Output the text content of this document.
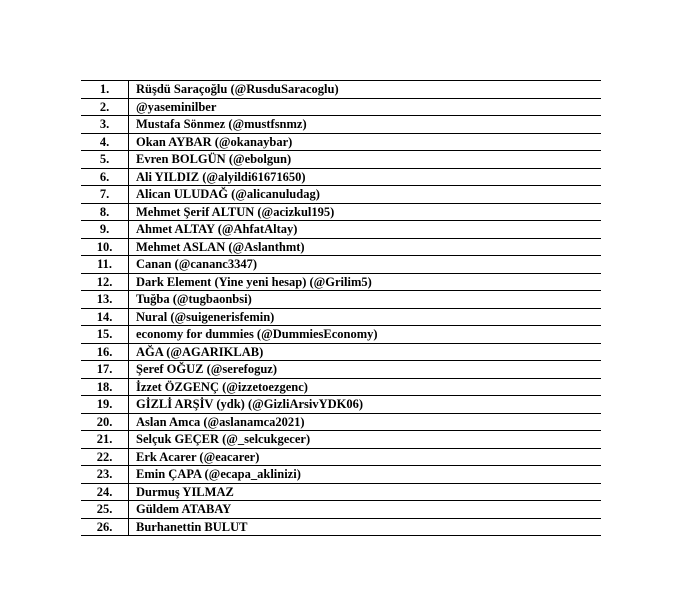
1.	Rüşdü Saraçoğlu (@RusduSaracoglu)
2.	@yaseminilber
3.	Mustafa Sönmez (@mustfsnmz)
4.	Okan AYBAR (@okanaybar)
5.	Evren BOLGÜN (@ebolgun)
6.	Ali YILDIZ (@alyildi61671650)
7.	Alican ULUDAĞ (@alicanuludag)
8.	Mehmet Şerif ALTUN (@acizkul195)
9.	Ahmet ALTAY (@AhfatAltay)
10.	Mehmet ASLAN (@Aslanthmt)
11.	Canan (@cananc3347)
12.	Dark Element (Yine yeni hesap) (@Grilim5)
13.	Tuğba (@tugbaonbsi)
14.	Nural (@suigenerisfemin)
15.	economy for dummies (@DummiesEconomy)
16.	AĞA (@AGARIKLAB)
17.	Şeref OĞUZ (@serefoguz)
18.	İzzet ÖZGENÇ (@izzetoezgenc)
19.	GİZLİ ARŞİV (ydk) (@GizliArsivYDK06)
20.	Aslan Amca (@aslanamca2021)
21.	Selçuk GEÇER (@_selcukgecer)
22.	Erk Acarer (@eacarer)
23.	Emin ÇAPA (@ecapa_aklinizi)
24.	Durmuş YILMAZ
25.	Güldem ATABAY
26.	Burhanettin BULUT
